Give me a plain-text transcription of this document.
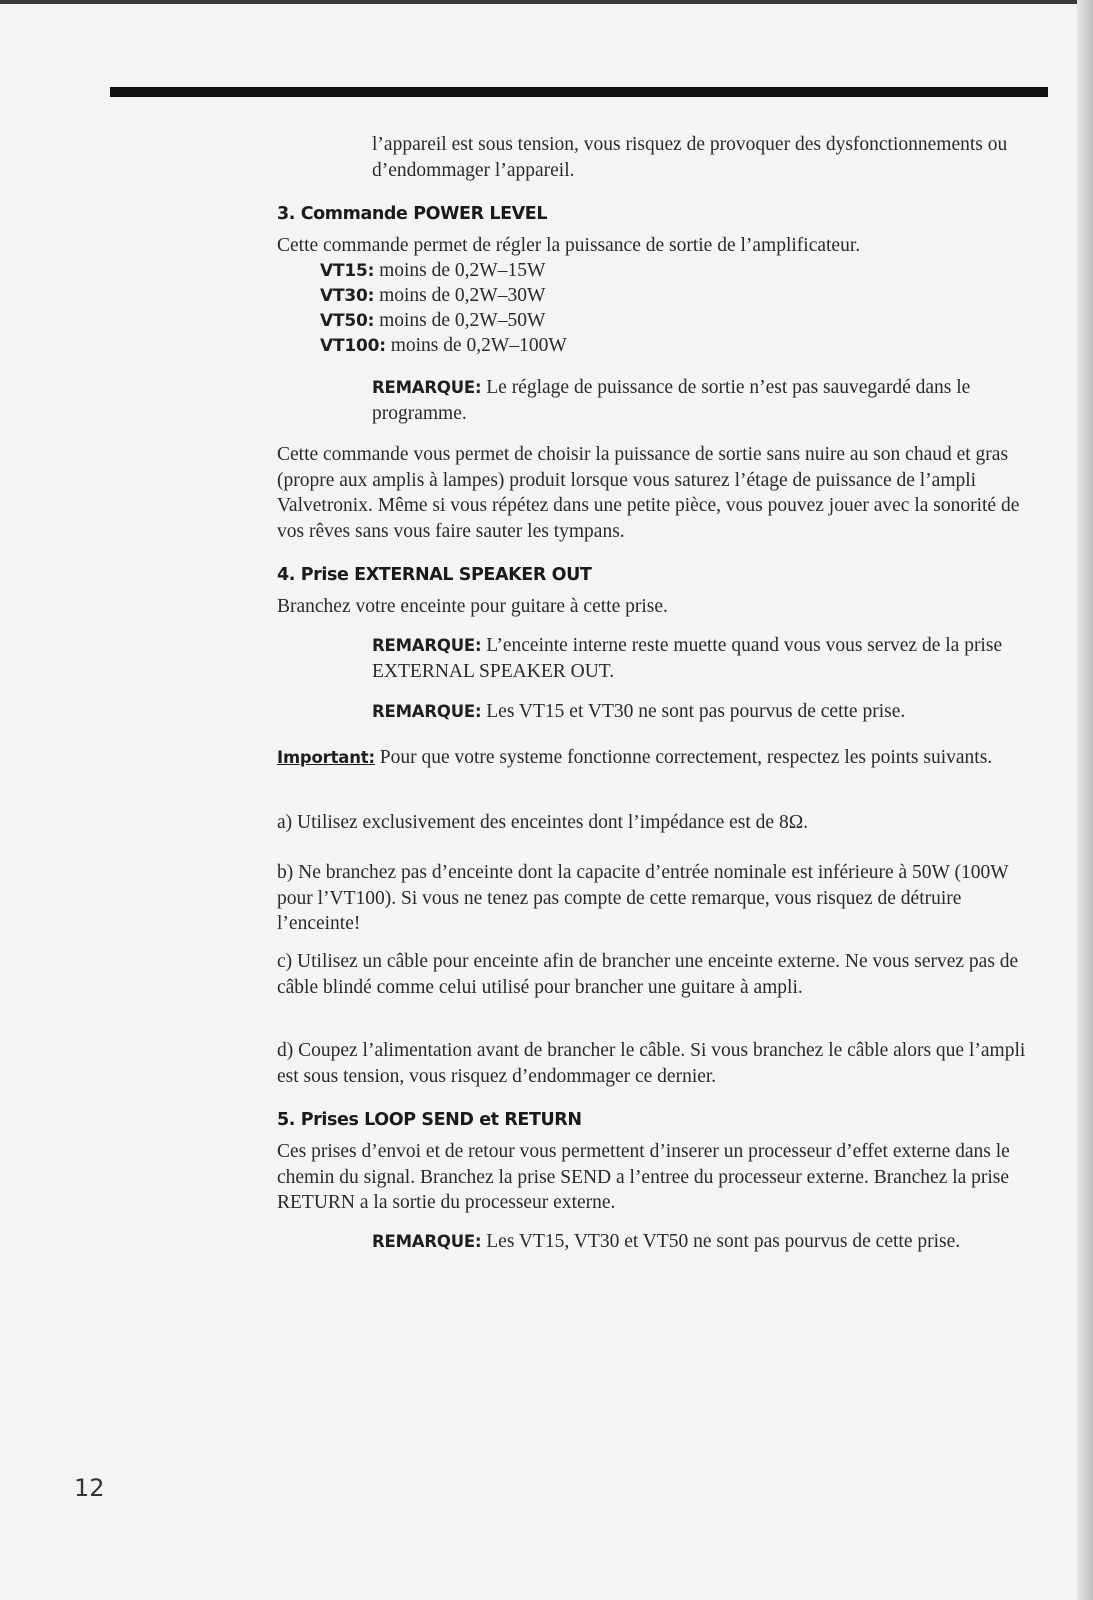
l’appareil est sous tension, vous risquez de provoquer des dysfonctionnements ou d’endommager l’appareil.

3. Commande POWER LEVEL

Cette commande permet de régler la puissance de sortie de l’amplificateur.

VT15: moins de 0,2W–15W

VT30: moins de 0,2W–30W

VT50: moins de 0,2W–50W

VT100: moins de 0,2W–100W

REMARQUE: Le réglage de puissance de sortie n’est pas sauvegardé dans le programme.

Cette commande vous permet de choisir la puissance de sortie sans nuire au son chaud et gras (propre aux amplis à lampes) produit lorsque vous saturez l’étage de puissance de l’ampli Valvetronix. Même si vous répétez dans une petite pièce, vous pouvez jouer avec la sonorité de vos rêves sans vous faire sauter les tympans.

4. Prise EXTERNAL SPEAKER OUT

Branchez votre enceinte pour guitare à cette prise.

REMARQUE: L’enceinte interne reste muette quand vous vous servez de la prise EXTERNAL SPEAKER OUT.

REMARQUE: Les VT15 et VT30 ne sont pas pourvus de cette prise.

Important: Pour que votre systeme fonctionne correctement, respectez les points suivants.

a) Utilisez exclusivement des enceintes dont l’impédance est de 8Ω.

b) Ne branchez pas d’enceinte dont la capacite d’entrée nominale est inférieure à 50W (100W pour l’VT100). Si vous ne tenez pas compte de cette remarque, vous risquez de détruire l’enceinte!

c) Utilisez un câble pour enceinte afin de brancher une enceinte externe. Ne vous servez pas de câble blindé comme celui utilisé pour brancher une guitare à ampli.

d) Coupez l’alimentation avant de brancher le câble. Si vous branchez le câble alors que l’ampli est sous tension, vous risquez d’endommager ce dernier.

5. Prises LOOP SEND et RETURN

Ces prises d’envoi et de retour vous permettent d’inserer un processeur d’effet externe dans le chemin du signal. Branchez la prise SEND a l’entree du processeur externe. Branchez la prise RETURN a la sortie du processeur externe.

REMARQUE: Les VT15, VT30 et VT50 ne sont pas pourvus de cette prise.

12
